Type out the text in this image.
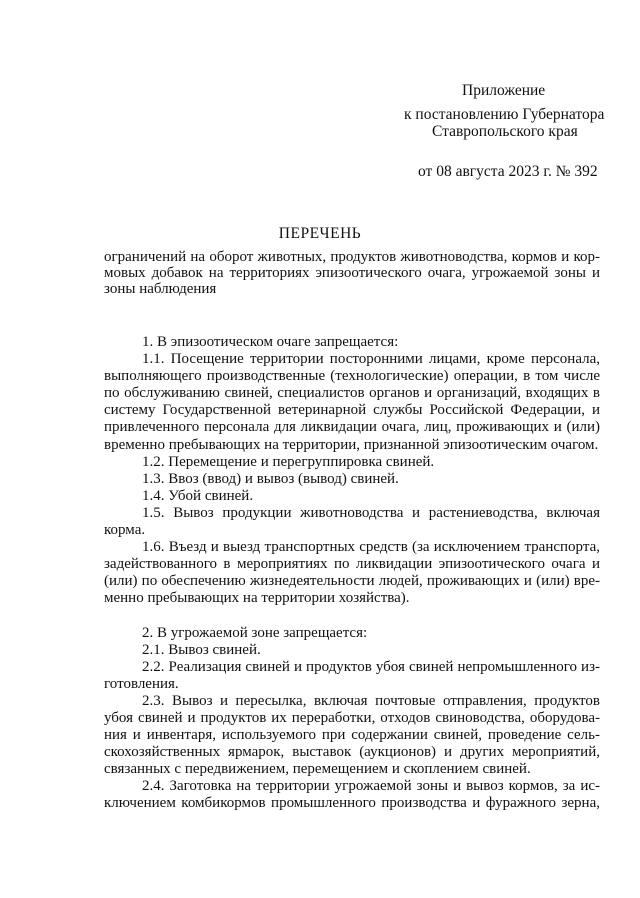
Приложение
к постановлению Губернатора
Ставропольского края
от 08 августа 2023 г. № 392
ПЕРЕЧЕНЬ
ограничений на оборот животных, продуктов животноводства, кормов и кор-
мовых добавок на территориях эпизоотического очага, угрожаемой зоны и
зоны наблюдения
1. В эпизоотическом очаге запрещается:
1.1. Посещение территории посторонними лицами, кроме персонала,
выполняющего производственные (технологические) операции, в том числе
по обслуживанию свиней, специалистов органов и организаций, входящих в
систему Государственной ветеринарной службы Российской Федерации, и
привлеченного персонала для ликвидации очага, лиц, проживающих и (или)
временно пребывающих на территории, признанной эпизоотическим очагом.
1.2. Перемещение и перегруппировка свиней.
1.3. Ввоз (ввод) и вывоз (вывод) свиней.
1.4. Убой свиней.
1.5. Вывоз продукции животноводства и растениеводства, включая
корма.
1.6. Въезд и выезд транспортных средств (за исключением транспорта,
задействованного в мероприятиях по ликвидации эпизоотического очага и
(или) по обеспечению жизнедеятельности людей, проживающих и (или) вре-
менно пребывающих на территории хозяйства).
2. В угрожаемой зоне запрещается:
2.1. Вывоз свиней.
2.2. Реализация свиней и продуктов убоя свиней непромышленного из-
готовления.
2.3. Вывоз и пересылка, включая почтовые отправления, продуктов
убоя свиней и продуктов их переработки, отходов свиноводства, оборудова-
ния и инвентаря, используемого при содержании свиней, проведение сель-
скохозяйственных ярмарок, выставок (аукционов) и других мероприятий,
связанных с передвижением, перемещением и скоплением свиней.
2.4. Заготовка на территории угрожаемой зоны и вывоз кормов, за ис-
ключением комбикормов промышленного производства и фуражного зерна,
